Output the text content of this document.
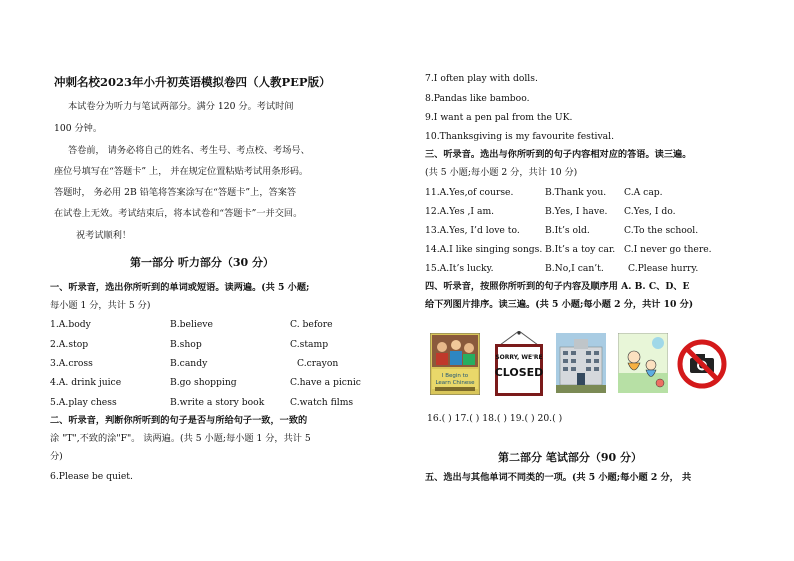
冲刺名校2023年小升初英语模拟卷四（人教PEP版）
本试卷分为听力与笔试两部分。满分 120 分。考试时间
100 分钟。
答卷前， 请务必将自己的姓名、考生号、考点校、考场号、
座位号填写在“答题卡” 上， 并在规定位置粘贴考试用条形码。
答题时， 务必用 2B 铅笔将答案涂写在“答题卡”上，答案答
在试卷上无效。考试结束后，将本试卷和“答题卡”一并交回。
祝考试顺利！
第一部分 听力部分（30 分）
一、听录音，选出你所听到的单词或短语。读两遍。(共 5 小题;
每小题 1 分，共计 5 分)
1.A.body	B.believe	C. before
2.A.stop	B.shop	C.stamp
3.A.cross	B.candy	C.crayon
4.A. drink juice	B.go shopping	C.have a picnic
5.A.play chess	B.write a story book	C.watch films
二、听录音，判断你所听到的句子是否与所给句子一致，一致的
涂 "T",不致的涂"F"。 读两遍。(共 5 小题;每小题 1 分，共计 5
分)
6.Please be quiet.
7.I often play with dolls.
8.Pandas like bamboo.
9.I want a pen pal from the UK.
10.Thanksgiving is my favourite festival.
三、听录音。选出与你所听到的句子内容相对应的答语。读三遍。
(共 5 小题;每小题 2 分，共计 10 分)
11.A.Yes,of course.	B.Thank you. C.A cap.
12.A.Yes ,I am.	B.Yes, I have. C.Yes, I do.
13.A.Yes, I’d love to.	B.It’s old.	C.To the school.
14.A.I like singing songs. B.It’s a toy car. C.I never go there.
15.A.It’s lucky.	B.No,I can’t.	C.Please hurry.
四、听录音，按照你所听到的句子内容及顺序用 A. B. C、D、E
给下列图片排序。读三遍。(共 5 小题;每小题 2 分，共计 10 分)
I Begin to
Learn Chinese
SORRY, WE'RE
CLOSED
16.( ) 17.( ) 18.( ) 19.( ) 20.( )
第二部分 笔试部分（90 分）
五、选出与其他单词不同类的一项。(共 5 小题;每小题 2 分， 共
